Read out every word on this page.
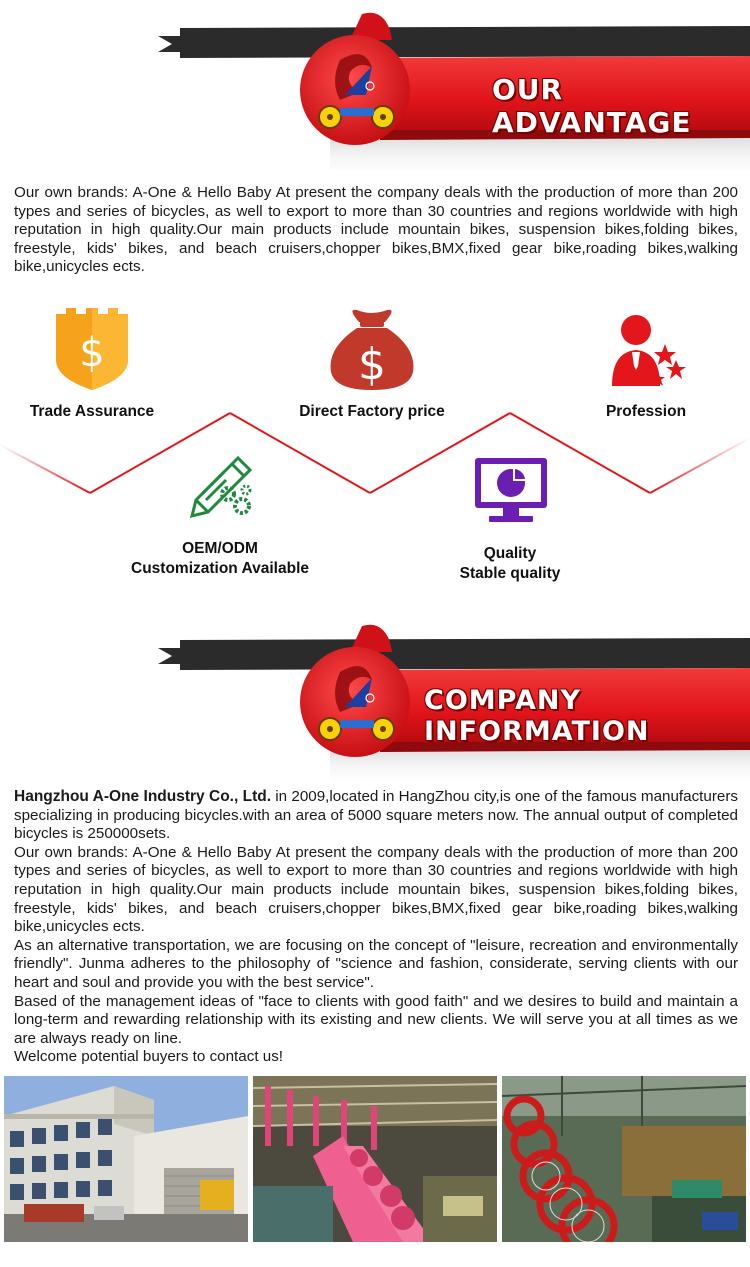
OUR ADVANTAGE
Our own brands: A-One & Hello Baby At present the company deals with the production of more than 200 types and series of bicycles, as well to export to more than 30 countries and regions worldwide with high reputation in high quality.Our main products include mountain bikes, suspension bikes,folding bikes, freestyle, kids' bikes, and beach cruisers,chopper bikes,BMX,fixed gear bike,roading bikes,walking bike,unicycles ects.
$
Trade Assurance
$
Direct Factory price	Profession
OEM/ODM
Customization Available
Quality
Stable quality
COMPANY INFORMATION

Hangzhou A-One Industry Co., Ltd. in 2009,located in HangZhou city,is one of the famous manufacturers specializing in producing bicycles.with an area of 5000 square meters now. The annual output of completed bicycles is 250000sets.

Our own brands: A-One & Hello Baby At present the company deals with the production of more than 200 types and series of bicycles, as well to export to more than 30 countries and regions worldwide with high reputation in high quality.Our main products include mountain bikes, suspension bikes,folding bikes, freestyle, kids' bikes, and beach cruisers,chopper bikes,BMX,fixed gear bike,roading bikes,walking bike,unicycles ects.

As an alternative transportation, we are focusing on the concept of "leisure, recreation and environmentally friendly". Junma adheres to the philosophy of "science and fashion, considerate, serving clients with our heart and soul and provide you with the best service".

Based of the management ideas of "face to clients with good faith" and we desires to build and maintain a long-term and rewarding relationship with its existing and new clients. We will serve you at all times as we are always ready on line.

Welcome potential buyers to contact us!
